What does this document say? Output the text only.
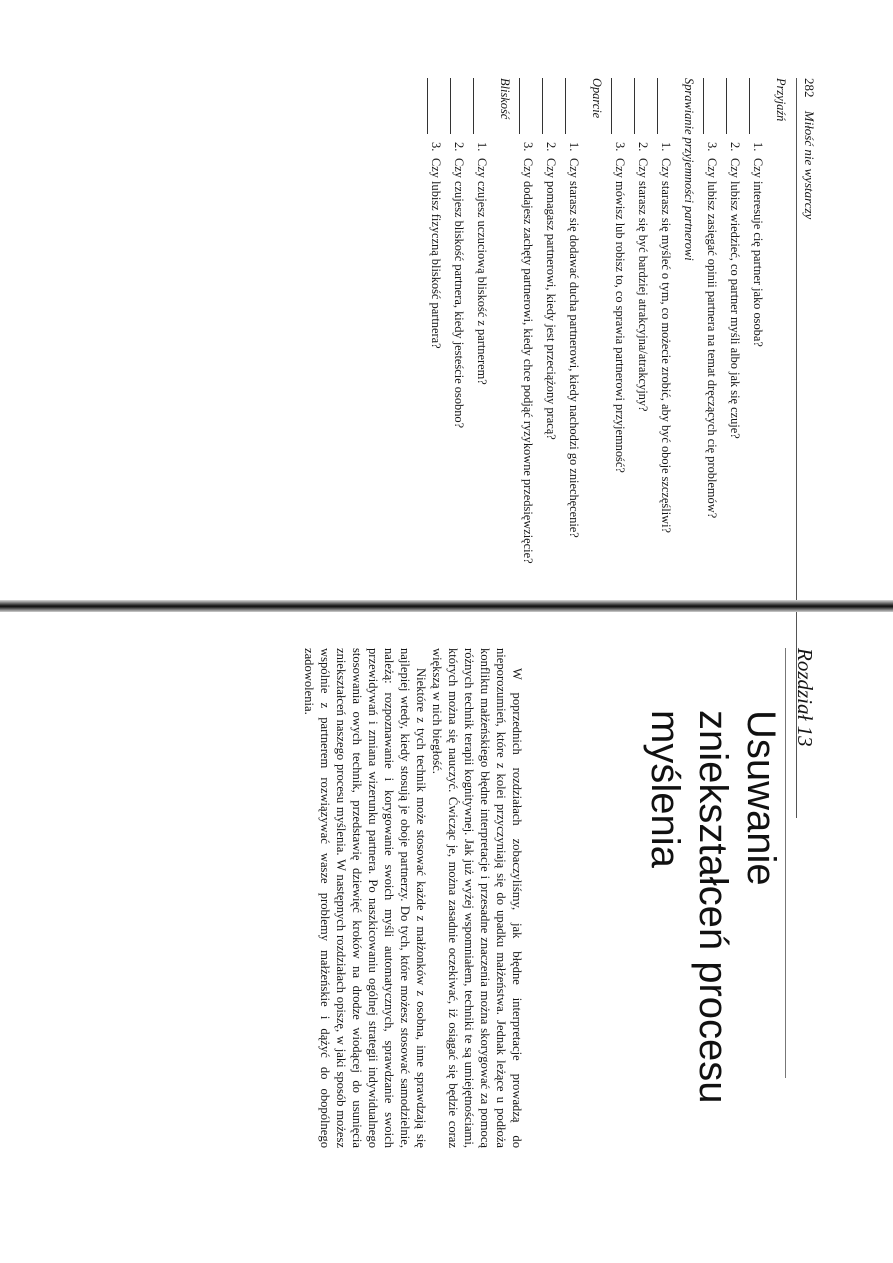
282 Miłość nie wystarczy
Przyjaźń
1.
Czy interesuje cię partner jako osoba?
2.
Czy lubisz wiedzieć, co partner myśli albo jak się czuje?
3.
Czy lubisz zasięgać opinii partnera na temat dręczących cię problemów?
Sprawianie przyjemności partnerowi
1.
Czy starasz się myśleć o tym, co możecie zrobić, aby być oboje szczęśliwi?
2.
Czy starasz się być bardziej atrakcyjna/atrakcyjny?
3.
Czy mówisz lub robisz to, co sprawia partnerowi przyjemność?
Oparcie
1.
Czy starasz się dodawać ducha partnerowi, kiedy nachodzi go zniechęcenie?
2.
Czy pomagasz partnerowi, kiedy jest przeciążony pracą?
3.
Czy dodajesz zachęty partnerowi, kiedy chce podjąć ryzykowne przedsięwzięcie?
Bliskość
1.
Czy czujesz uczuciową bliskość z partnerem?
2.
Czy czujesz bliskość partnera, kiedy jesteście osobno?
3.
Czy lubisz fizyczną bliskość partnera?
Rozdział 13
Usuwanie
zniekształceń procesu
myślenia

W poprzednich rozdziałach zobaczyliśmy, jak błędne interpretacje prowadzą do nieporozumień, które z kolei przyczyniają się do upadku małżeństwa. Jednak leżące u podłoża konfliktu małżeńskiego błędne interpretacje i przesadne znaczenia można skorygować za pomocą różnych technik terapii kognitywnej. Jak już wyżej wspomniałem, techniki te są umiejętnościami, których można się nauczyć. Ćwicząc je, można zasadnie oczekiwać, iż osiągać się będzie coraz większą w nich biegłość.

Niektóre z tych technik może stosować każde z małżonków z osobna, inne sprawdzają się najlepiej wtedy, kiedy stosują je oboje partnerzy. Do tych, które możesz stosować samodzielnie, należą: rozpoznawanie i korygowanie swoich myśli automatycznych, sprawdzanie swoich przewidywań i zmiana wizerunku partnera. Po naszkicowaniu ogólnej strategii indywidualnego stosowania owych technik, przedstawię dziewięć kroków na drodze wiodącej do usunięcia zniekształceń naszego procesu myślenia. W następnych rozdziałach opiszę, w jaki sposób możesz wspólnie z partnerem rozwiązywać wasze problemy małżeńskie i dążyć do obopólnego zadowolenia.
